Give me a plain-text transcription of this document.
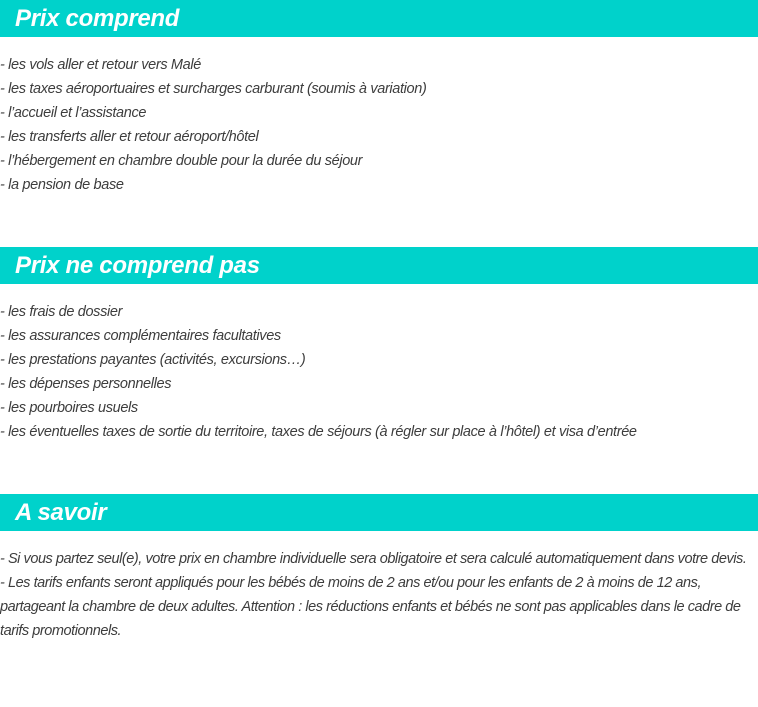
Prix comprend
- les vols aller et retour vers Malé
- les taxes aéroportuaires et surcharges carburant (soumis à variation)
- l’accueil et l’assistance
- les transferts aller et retour aéroport/hôtel
- l’hébergement en chambre double pour la durée du séjour
- la pension de base
Prix ne comprend pas
- les frais de dossier
- les assurances complémentaires facultatives
- les prestations payantes (activités, excursions…)
- les dépenses personnelles
- les pourboires usuels
- les éventuelles taxes de sortie du territoire, taxes de séjours (à régler sur place à l’hôtel) et visa d’entrée
A savoir
- Si vous partez seul(e), votre prix en chambre individuelle sera obligatoire et sera calculé automatiquement dans votre devis.
- Les tarifs enfants seront appliqués pour les bébés de moins de 2 ans et/ou pour les enfants de 2 à moins de 12 ans, partageant la chambre de deux adultes. Attention : les réductions enfants et bébés ne sont pas applicables dans le cadre de tarifs promotionnels.
